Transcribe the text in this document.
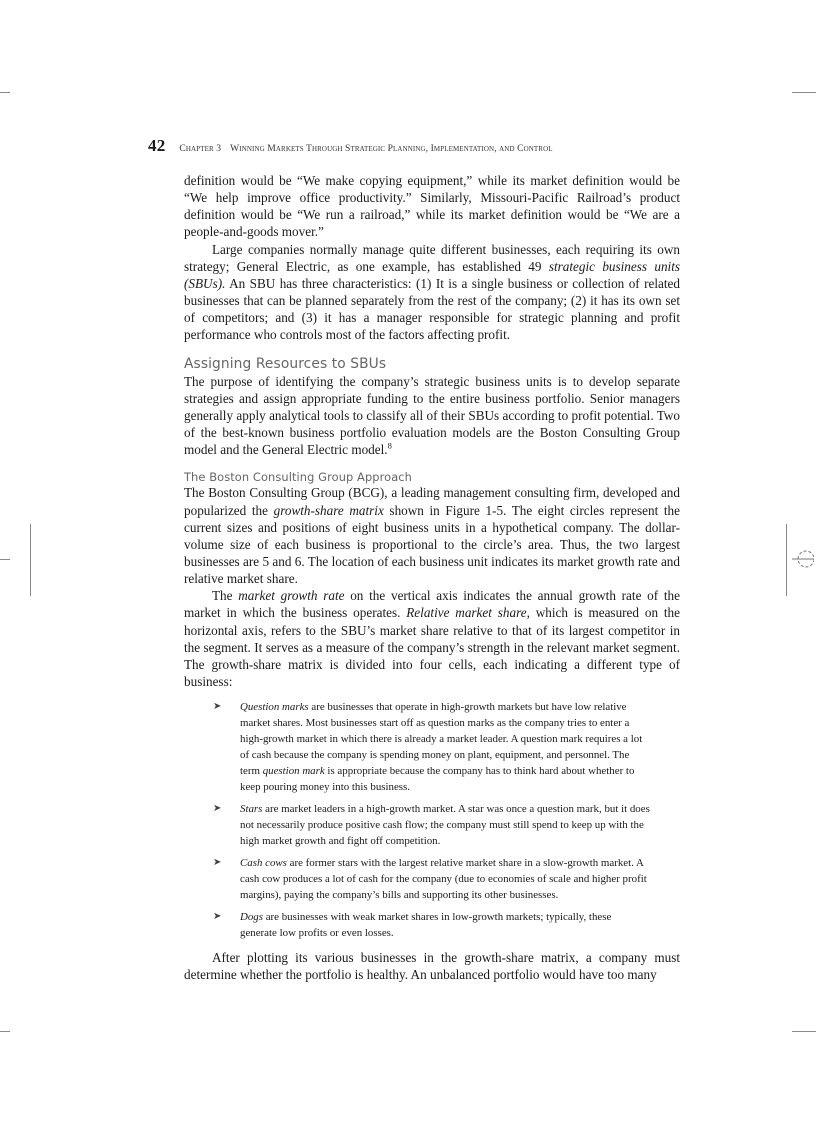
42 Chapter 3 Winning Markets Through Strategic Planning, Implementation, and Control

definition would be “We make copying equipment,” while its market definition would be “We help improve office productivity.” Similarly, Missouri-Pacific Railroad’s product definition would be “We run a railroad,” while its market definition would be “We are a people-and-goods mover.”

Large companies normally manage quite different businesses, each requiring its own strategy; General Electric, as one example, has established 49 strategic business units (SBUs). An SBU has three characteristics: (1) It is a single business or collection of related businesses that can be planned separately from the rest of the company; (2) it has its own set of competitors; and (3) it has a manager responsible for strategic planning and profit performance who controls most of the factors affecting profit.

Assigning Resources to SBUs

The purpose of identifying the company’s strategic business units is to develop separate strategies and assign appropriate funding to the entire business portfolio. Senior managers generally apply analytical tools to classify all of their SBUs according to profit potential. Two of the best-known business portfolio evaluation models are the Boston Consulting Group model and the General Electric model.$^8$

The Boston Consulting Group Approach

The Boston Consulting Group (BCG), a leading management consulting firm, developed and popularized the growth-share matrix shown in Figure 1-5. The eight circles represent the current sizes and positions of eight business units in a hypothetical company. The dollar-volume size of each business is proportional to the circle’s area. Thus, the two largest businesses are 5 and 6. The location of each business unit indicates its market growth rate and relative market share.

The market growth rate on the vertical axis indicates the annual growth rate of the market in which the business operates. Relative market share, which is measured on the horizontal axis, refers to the SBU’s market share relative to that of its largest competitor in the segment. It serves as a measure of the company’s strength in the relevant market segment. The growth-share matrix is divided into four cells, each indicating a different type of business:

➤ Question marks are businesses that operate in high-growth markets but have low relative market shares. Most businesses start off as question marks as the company tries to enter a high-growth market in which there is already a market leader. A question mark requires a lot of cash because the company is spending money on plant, equipment, and personnel. The term question mark is appropriate because the company has to think hard about whether to keep pouring money into this business.
➤ Stars are market leaders in a high-growth market. A star was once a question mark, but it does not necessarily produce positive cash flow; the company must still spend to keep up with the high market growth and fight off competition.
➤ Cash cows are former stars with the largest relative market share in a slow-growth market. A cash cow produces a lot of cash for the company (due to economies of scale and higher profit margins), paying the company’s bills and supporting its other businesses.
➤ Dogs are businesses with weak market shares in low-growth markets; typically, these generate low profits or even losses.

After plotting its various businesses in the growth-share matrix, a company must determine whether the portfolio is healthy. An unbalanced portfolio would have too many
